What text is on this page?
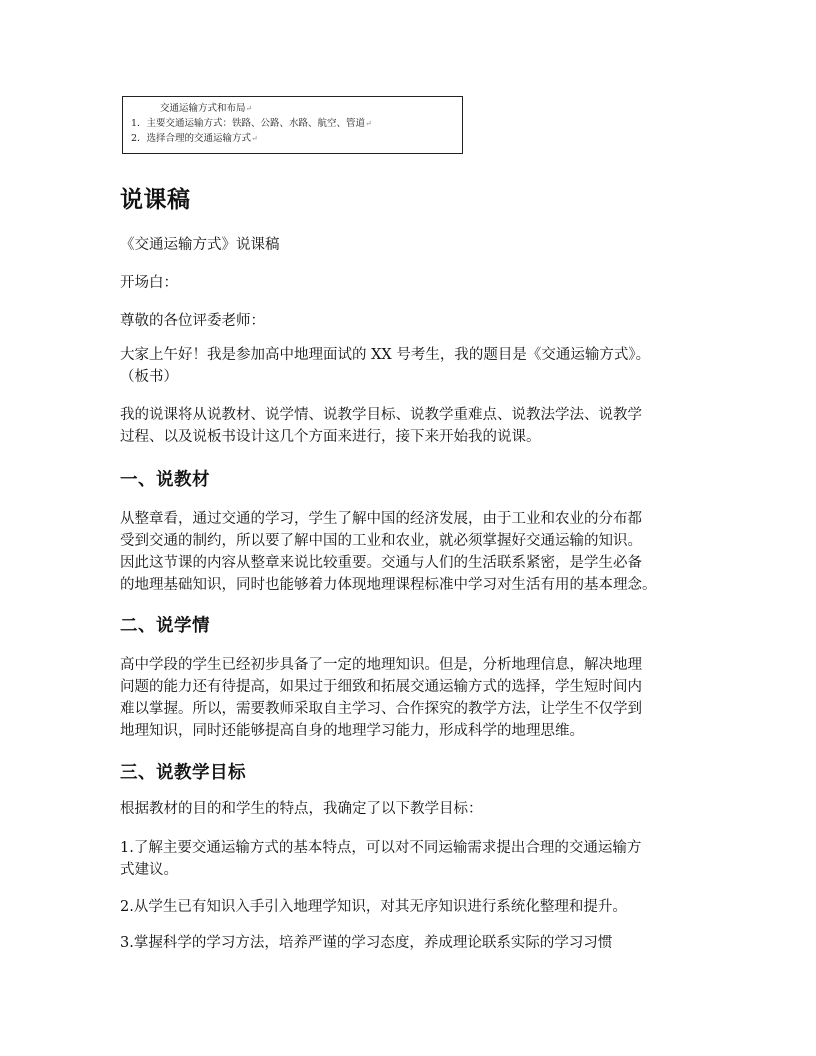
交通运输方式和布局↵
1．主要交通运输方式：铁路、公路、水路、航空、管道↵
2．选择合理的交通运输方式↵
说课稿

《交通运输方式》说课稿

开场白：

尊敬的各位评委老师：

大家上午好！我是参加高中地理面试的 XX 号考生，我的题目是《交通运输方式》。
（板书）

我的说课将从说教材、说学情、说教学目标、说教学重难点、说教法学法、说教学
过程、以及说板书设计这几个方面来进行，接下来开始我的说课。

一、说教材

从整章看，通过交通的学习，学生了解中国的经济发展，由于工业和农业的分布都
受到交通的制约，所以要了解中国的工业和农业，就必须掌握好交通运输的知识。
因此这节课的内容从整章来说比较重要。交通与人们的生活联系紧密，是学生必备
的地理基础知识，同时也能够着力体现地理课程标准中学习对生活有用的基本理念。

二、说学情

高中学段的学生已经初步具备了一定的地理知识。但是，分析地理信息，解决地理
问题的能力还有待提高，如果过于细致和拓展交通运输方式的选择，学生短时间内
难以掌握。所以，需要教师采取自主学习、合作探究的教学方法，让学生不仅学到
地理知识，同时还能够提高自身的地理学习能力，形成科学的地理思维。

三、说教学目标

根据教材的目的和学生的特点，我确定了以下教学目标：

1.了解主要交通运输方式的基本特点，可以对不同运输需求提出合理的交通运输方
式建议。

2.从学生已有知识入手引入地理学知识，对其无序知识进行系统化整理和提升。

3.掌握科学的学习方法，培养严谨的学习态度，养成理论联系实际的学习习惯
